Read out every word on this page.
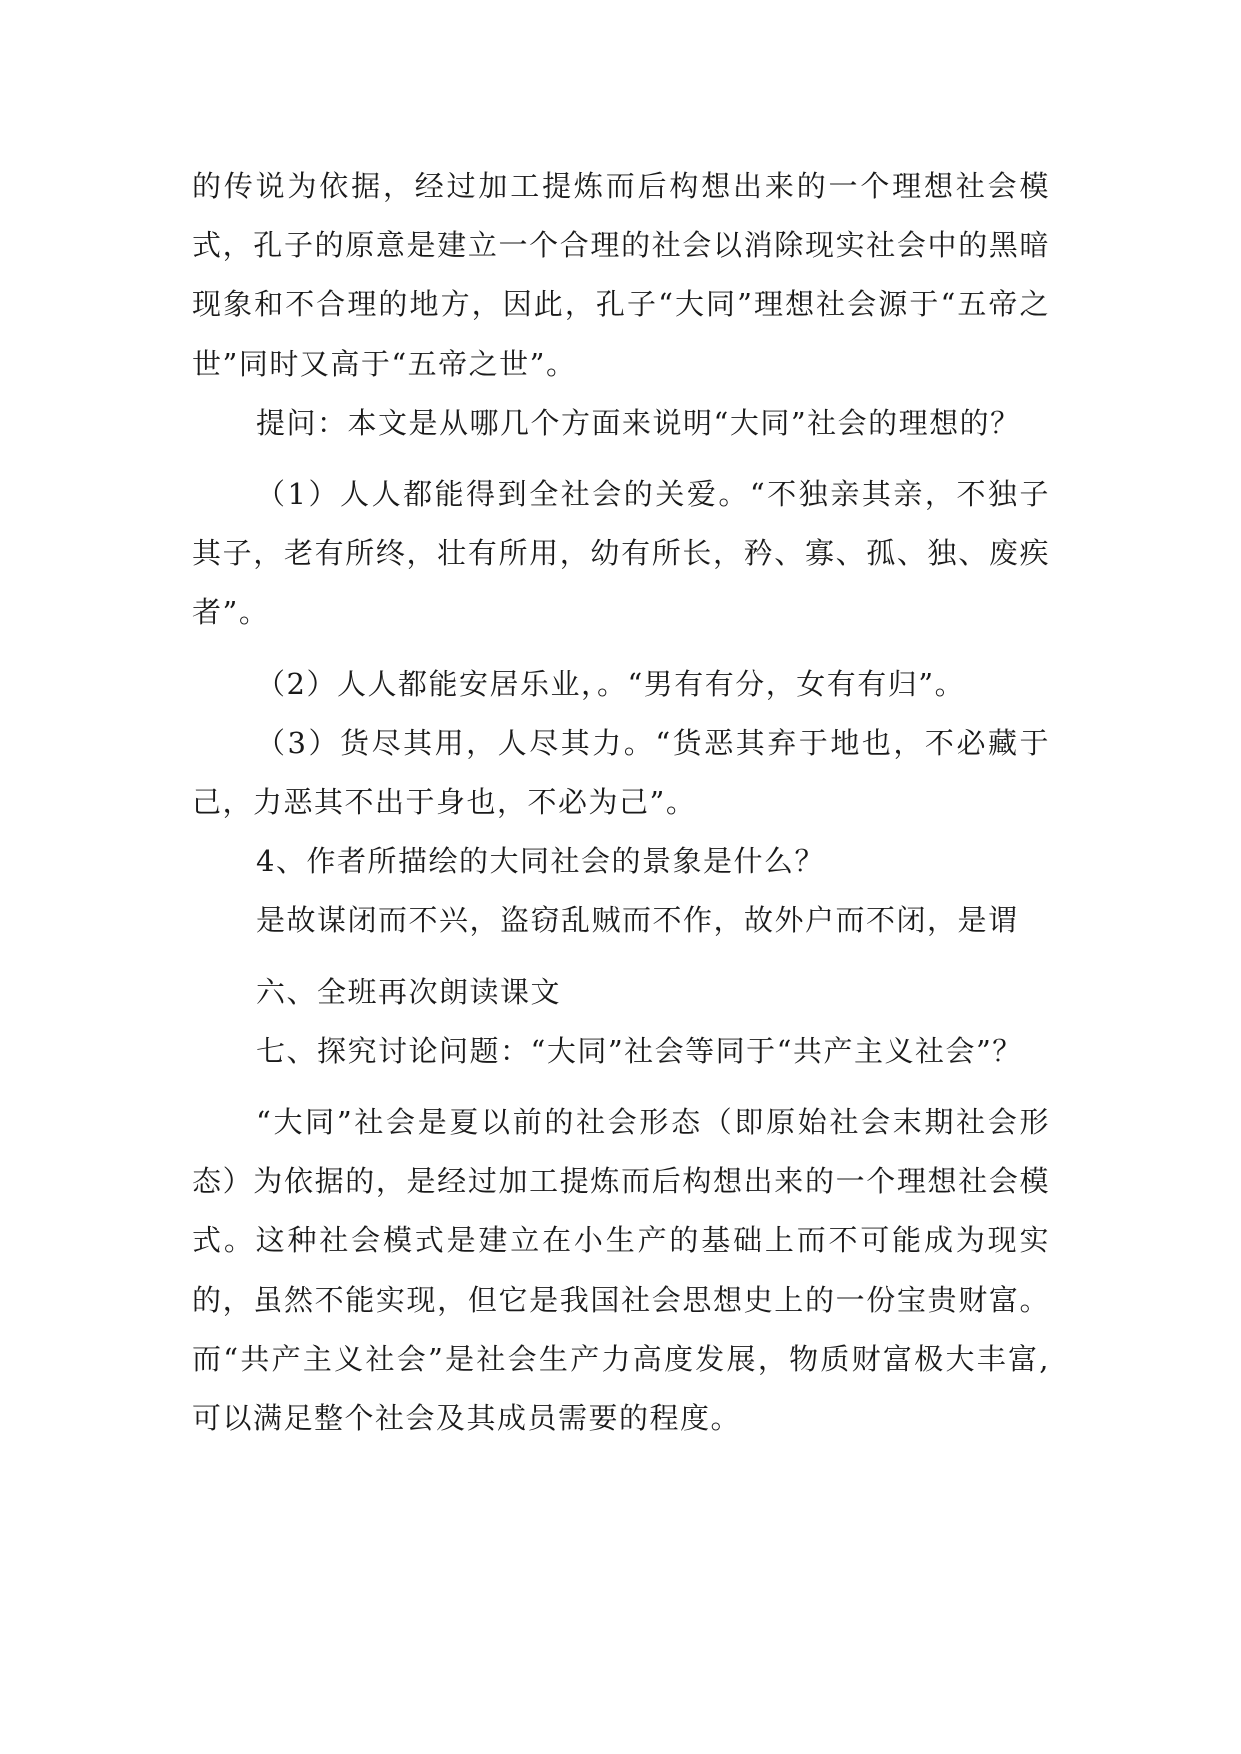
的传说为依据，经过加工提炼而后构想出来的一个理想社会模式，孔子的原意是建立一个合理的社会以消除现实社会中的黑暗现象和不合理的地方，因此，孔子“大同”理想社会源于“五帝之世”同时又高于“五帝之世”。

提问：本文是从哪几个方面来说明“大同”社会的理想的？

（1）人人都能得到全社会的关爱。“不独亲其亲，不独子其子，老有所终，壮有所用，幼有所长，矜、寡、孤、独、废疾者”。

（2）人人都能安居乐业，。“男有有分，女有有归”。

（3）货尽其用，人尽其力。“货恶其弃于地也，不必藏于己，力恶其不出于身也，不必为己”。

4、作者所描绘的大同社会的景象是什么？

是故谋闭而不兴，盗窃乱贼而不作，故外户而不闭，是谓

六、全班再次朗读课文

七、探究讨论问题：“大同”社会等同于“共产主义社会”？

“大同”社会是夏以前的社会形态（即原始社会末期社会形态）为依据的，是经过加工提炼而后构想出来的一个理想社会模式。这种社会模式是建立在小生产的基础上而不可能成为现实的，虽然不能实现，但它是我国社会思想史上的一份宝贵财富。而“共产主义社会”是社会生产力高度发展，物质财富极大丰富,可以满足整个社会及其成员需要的程度。
